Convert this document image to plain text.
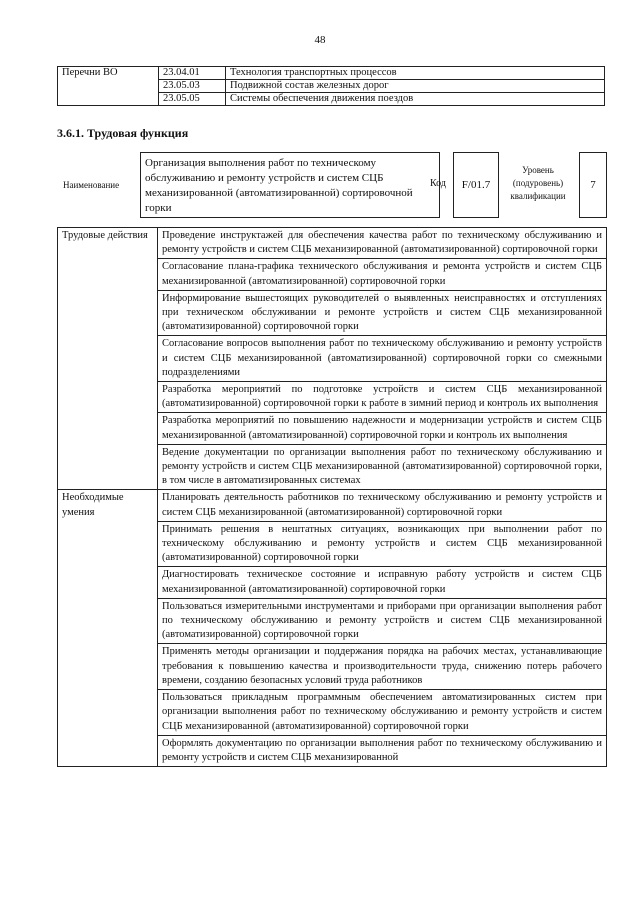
48
Перечни ВО	23.04.01	Технология транспортных процессов
	23.05.03	Подвижной состав железных дорог
	23.05.05	Системы обеспечения движения поездов
3.6.1. Трудовая функция
Наименование
Организация выполнения работ по техническому обслуживанию и ремонту устройств и систем СЦБ механизированной (автоматизированной) сортировочной горки
Код	F/01.7
Уровень (подуровень) квалификации
7
Трудовые действия	Проведение инструктажей для обеспечения качества работ по техническому обслуживанию и ремонту устройств и систем СЦБ механизированной (автоматизированной) сортировочной горки
	Согласование плана-графика технического обслуживания и ремонта устройств и систем СЦБ механизированной (автоматизированной) сортировочной горки
	Информирование вышестоящих руководителей о выявленных неисправностях и отступлениях при техническом обслуживании и ремонте устройств и систем СЦБ механизированной (автоматизированной) сортировочной горки
	Согласование вопросов выполнения работ по техническому обслуживанию и ремонту устройств и систем СЦБ механизированной (автоматизированной) сортировочной горки со смежными подразделениями
	Разработка мероприятий по подготовке устройств и систем СЦБ механизированной (автоматизированной) сортировочной горки к работе в зимний период и контроль их выполнения
	Разработка мероприятий по повышению надежности и модернизации устройств и систем СЦБ механизированной (автоматизированной) сортировочной горки и контроль их выполнения
	Ведение документации по организации выполнения работ по техническому обслуживанию и ремонту устройств и систем СЦБ механизированной (автоматизированной) сортировочной горки, в том числе в автоматизированных системах
Необходимые умения	Планировать деятельность работников по техническому обслуживанию и ремонту устройств и систем СЦБ механизированной (автоматизированной) сортировочной горки
	Принимать решения в нештатных ситуациях, возникающих при выполнении работ по техническому обслуживанию и ремонту устройств и систем СЦБ механизированной (автоматизированной) сортировочной горки
	Диагностировать техническое состояние и исправную работу устройств и систем СЦБ механизированной (автоматизированной) сортировочной горки
	Пользоваться измерительными инструментами и приборами при организации выполнения работ по техническому обслуживанию и ремонту устройств и систем СЦБ механизированной (автоматизированной) сортировочной горки
	Применять методы организации и поддержания порядка на рабочих местах, устанавливающие требования к повышению качества и производительности труда, снижению потерь рабочего времени, созданию безопасных условий труда работников
	Пользоваться прикладным программным обеспечением автоматизированных систем при организации выполнения работ по техническому обслуживанию и ремонту устройств и систем СЦБ механизированной (автоматизированной) сортировочной горки
	Оформлять документацию по организации выполнения работ по техническому обслуживанию и ремонту устройств и систем СЦБ механизированной
